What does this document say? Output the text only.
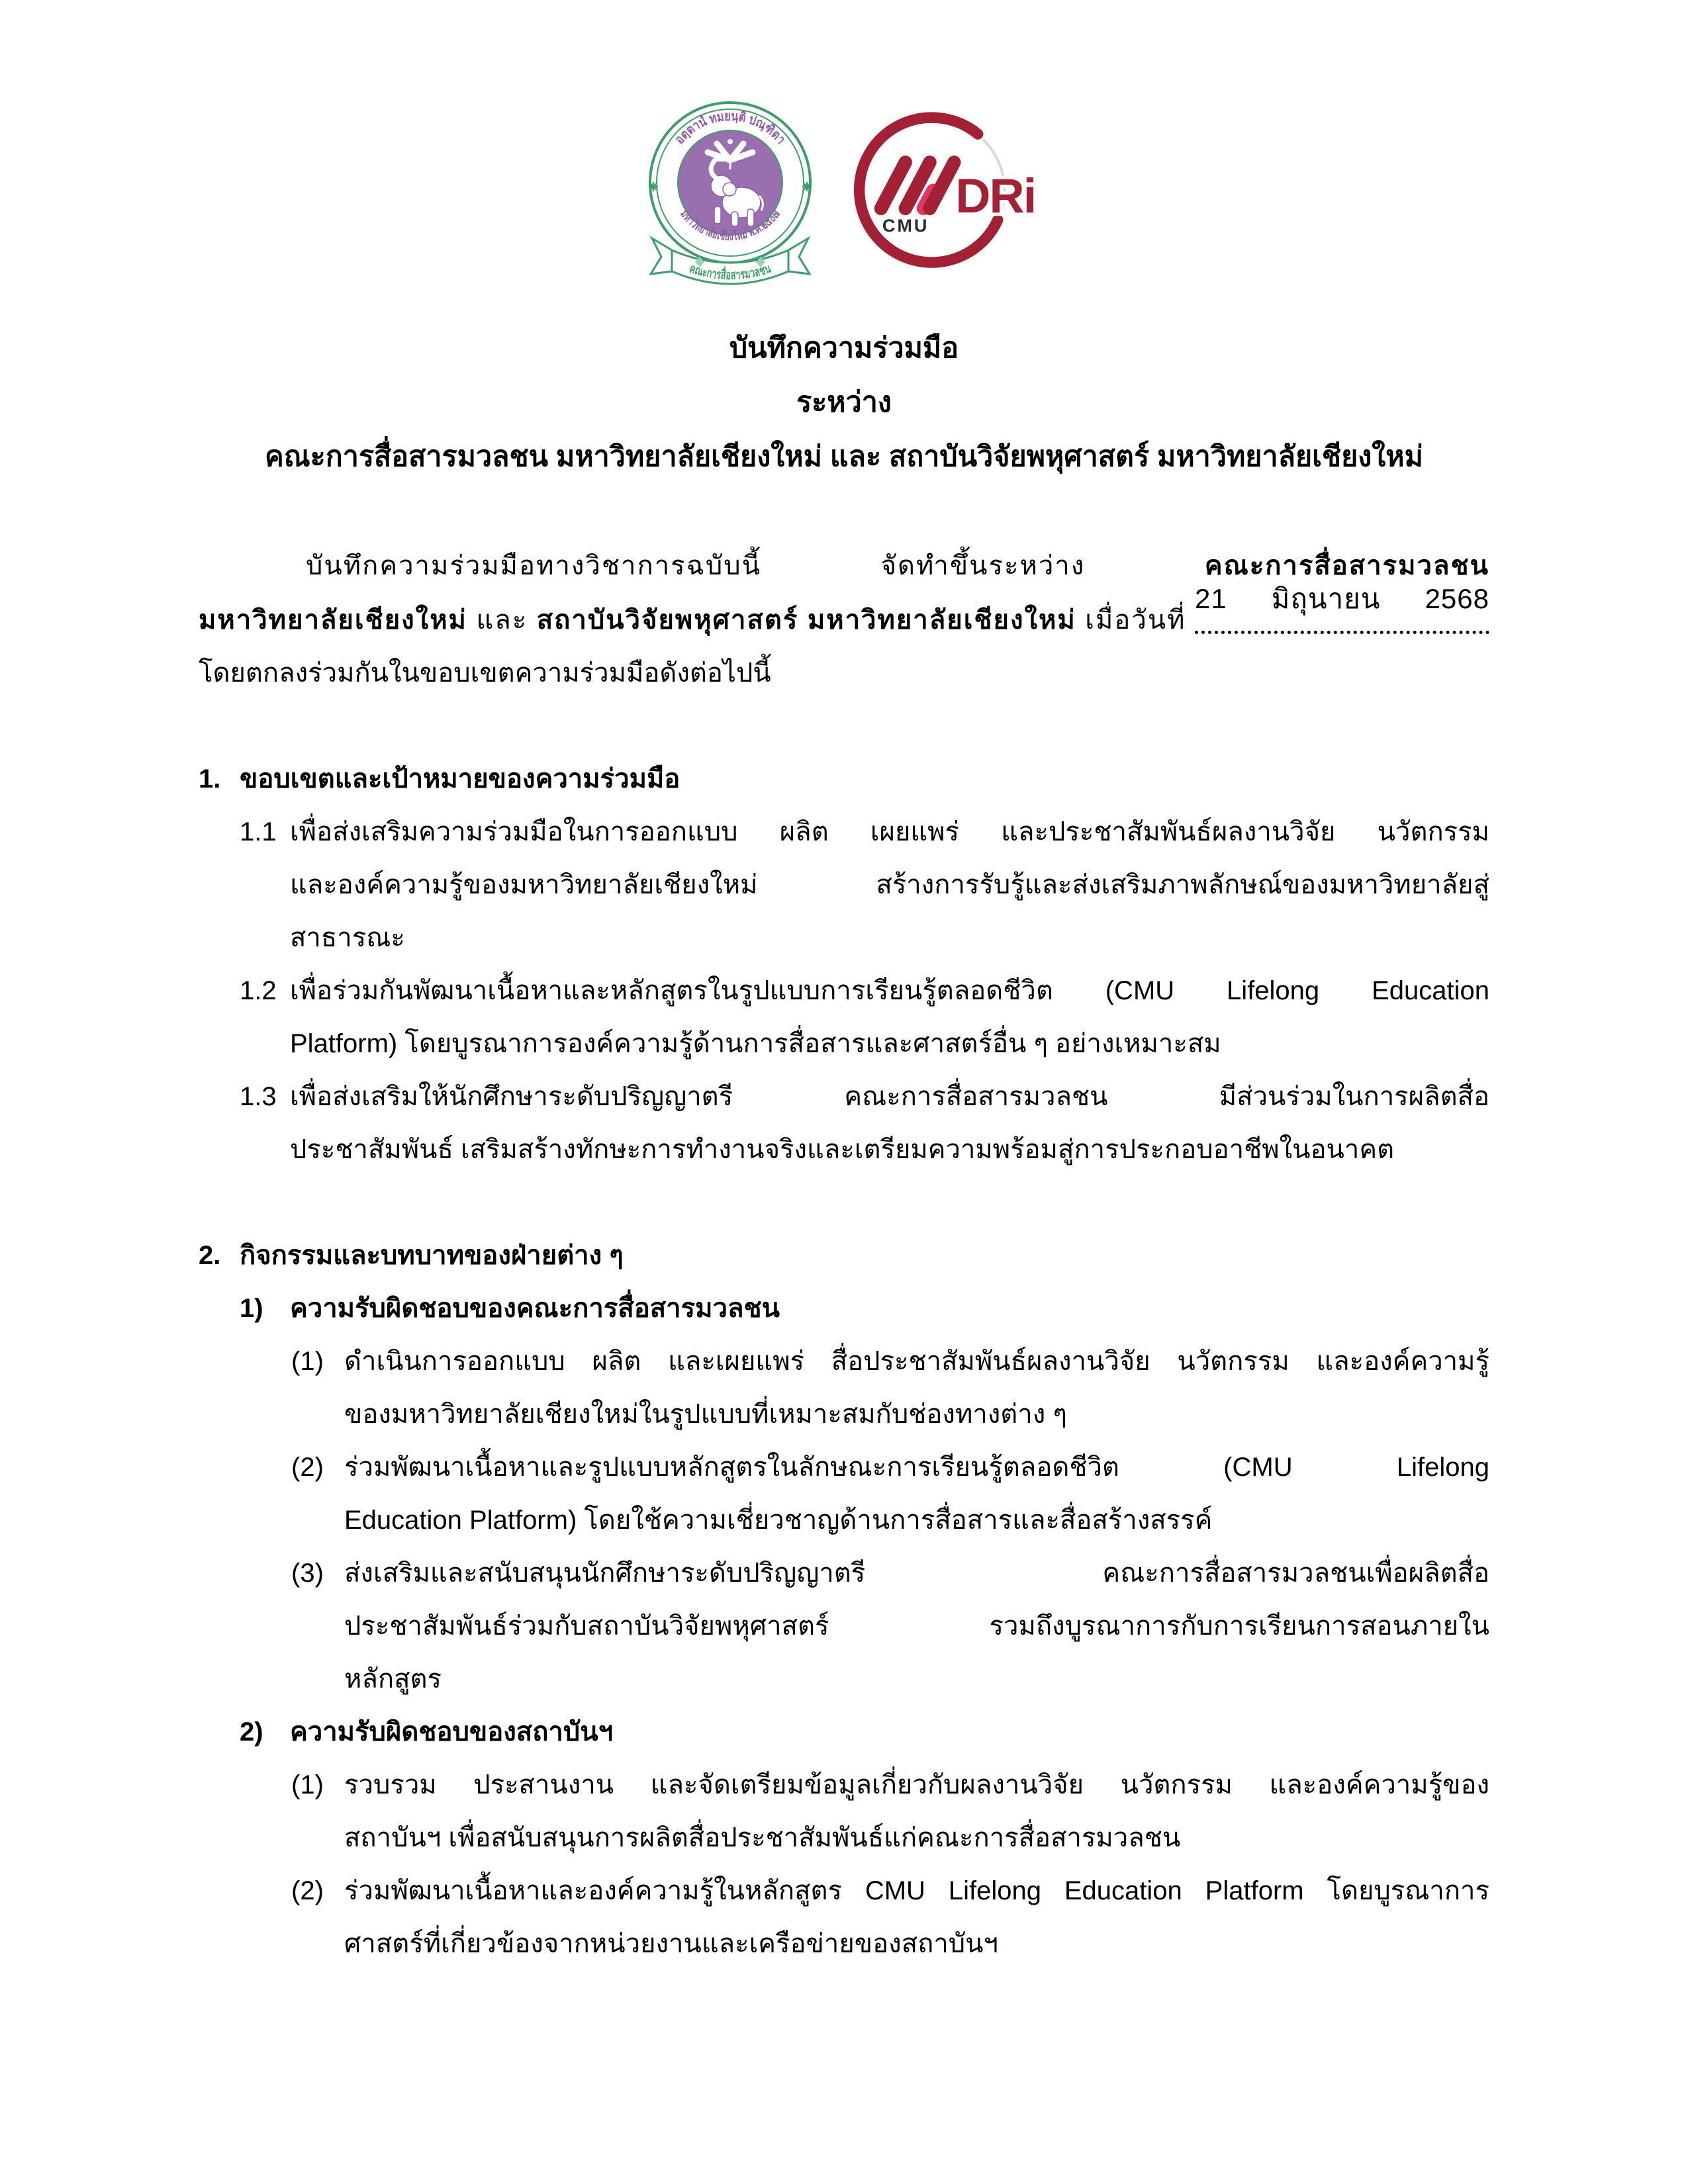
อตฺตานํ ทมยนฺติ ปณฺฑิตา
มหาวิทยาลัยเชียงใหม่ พ.ศ.๒๕๐๗
คณะการสื่อสารมวลชน
DRi
CMU
บันทึกความร่วมมือ
ระหว่าง
คณะการสื่อสารมวลชน มหาวิทยาลัยเชียงใหม่ และ สถาบันวิจัยพหุศาสตร์ มหาวิทยาลัยเชียงใหม่
บันทึกความร่วมมือทางวิชาการฉบับนี้ จัดทำขึ้นระหว่าง	คณะการสื่อสารมวลชน
มหาวิทยาลัยเชียงใหม่ และ สถาบันวิจัยพหุศาสตร์ มหาวิทยาลัยเชียงใหม่ เมื่อวันที่
21 มิถุนายน 2568
โดยตกลงร่วมกันในขอบเขตความร่วมมือดังต่อไปนี้
1. ขอบเขตและเป้าหมายของความร่วมมือ
1.1 เพื่อส่งเสริมความร่วมมือในการออกแบบ ผลิต เผยแพร่ และประชาสัมพันธ์ผลงานวิจัย นวัตกรรม
และองค์ความรู้ของมหาวิทยาลัยเชียงใหม่ สร้างการรับรู้และส่งเสริมภาพลักษณ์ของมหาวิทยาลัยสู่
สาธารณะ
1.2 เพื่อร่วมกันพัฒนาเนื้อหาและหลักสูตรในรูปแบบการเรียนรู้ตลอดชีวิต (CMU Lifelong Education
Platform) โดยบูรณาการองค์ความรู้ด้านการสื่อสารและศาสตร์อื่น ๆ อย่างเหมาะสม
1.3 เพื่อส่งเสริมให้นักศึกษาระดับปริญญาตรี คณะการสื่อสารมวลชน มีส่วนร่วมในการผลิตสื่อ
ประชาสัมพันธ์ เสริมสร้างทักษะการทำงานจริงและเตรียมความพร้อมสู่การประกอบอาชีพในอนาคต
2. กิจกรรมและบทบาทของฝ่ายต่าง ๆ
1)	ความรับผิดชอบของคณะการสื่อสารมวลชน
(1) ดำเนินการออกแบบ ผลิต และเผยแพร่ สื่อประชาสัมพันธ์ผลงานวิจัย นวัตกรรม และองค์ความรู้
ของมหาวิทยาลัยเชียงใหม่ในรูปแบบที่เหมาะสมกับช่องทางต่าง ๆ
(2) ร่วมพัฒนาเนื้อหาและรูปแบบหลักสูตรในลักษณะการเรียนรู้ตลอดชีวิต (CMU Lifelong
Education Platform) โดยใช้ความเชี่ยวชาญด้านการสื่อสารและสื่อสร้างสรรค์
(3) ส่งเสริมและสนับสนุนนักศึกษาระดับปริญญาตรี คณะการสื่อสารมวลชนเพื่อผลิตสื่อ
ประชาสัมพันธ์ร่วมกับสถาบันวิจัยพหุศาสตร์ รวมถึงบูรณาการกับการเรียนการสอนภายใน
หลักสูตร
2)	ความรับผิดชอบของสถาบันฯ
(1) รวบรวม ประสานงาน และจัดเตรียมข้อมูลเกี่ยวกับผลงานวิจัย นวัตกรรม และองค์ความรู้ของ
สถาบันฯ เพื่อสนับสนุนการผลิตสื่อประชาสัมพันธ์แก่คณะการสื่อสารมวลชน
(2) ร่วมพัฒนาเนื้อหาและองค์ความรู้ในหลักสูตร CMU Lifelong Education Platform โดยบูรณาการ
ศาสตร์ที่เกี่ยวข้องจากหน่วยงานและเครือข่ายของสถาบันฯ
